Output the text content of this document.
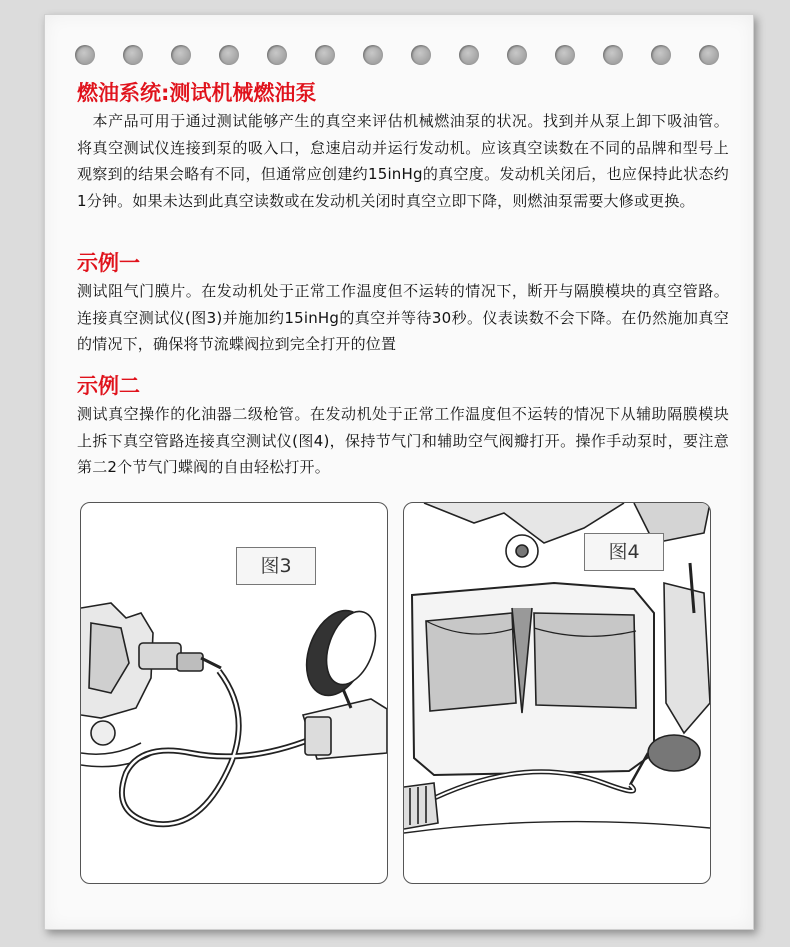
燃油系统:测试机械燃油泵

　本产品可用于通过测试能够产生的真空来评估机械燃油泵的状况。找到并从泵上卸下吸油管。将真空测试仪连接到泵的吸入口，怠速启动并运行发动机。应该真空读数在不同的品牌和型号上观察到的结果会略有不同，但通常应创建约15inHg的真空度。发动机关闭后，也应保持此状态约1分钟。如果未达到此真空读数或在发动机关闭时真空立即下降，则燃油泵需要大修或更换。

示例一

测试阻气门膜片。在发动机处于正常工作温度但不运转的情况下，断开与隔膜模块的真空管路。连接真空测试仪(图3)并施加约15inHg的真空并等待30秒。仪表读数不会下降。在仍然施加真空的情况下，确保将节流蝶阀拉到完全打开的位置

示例二

测试真空操作的化油器二级枪管。在发动机处于正常工作温度但不运转的情况下从辅助隔膜模块上拆下真空管路连接真空测试仪(图4)，保持节气门和辅助空气阀瓣打开。操作手动泵时，要注意第二2个节气门蝶阀的自由轻松打开。

图3
图4
